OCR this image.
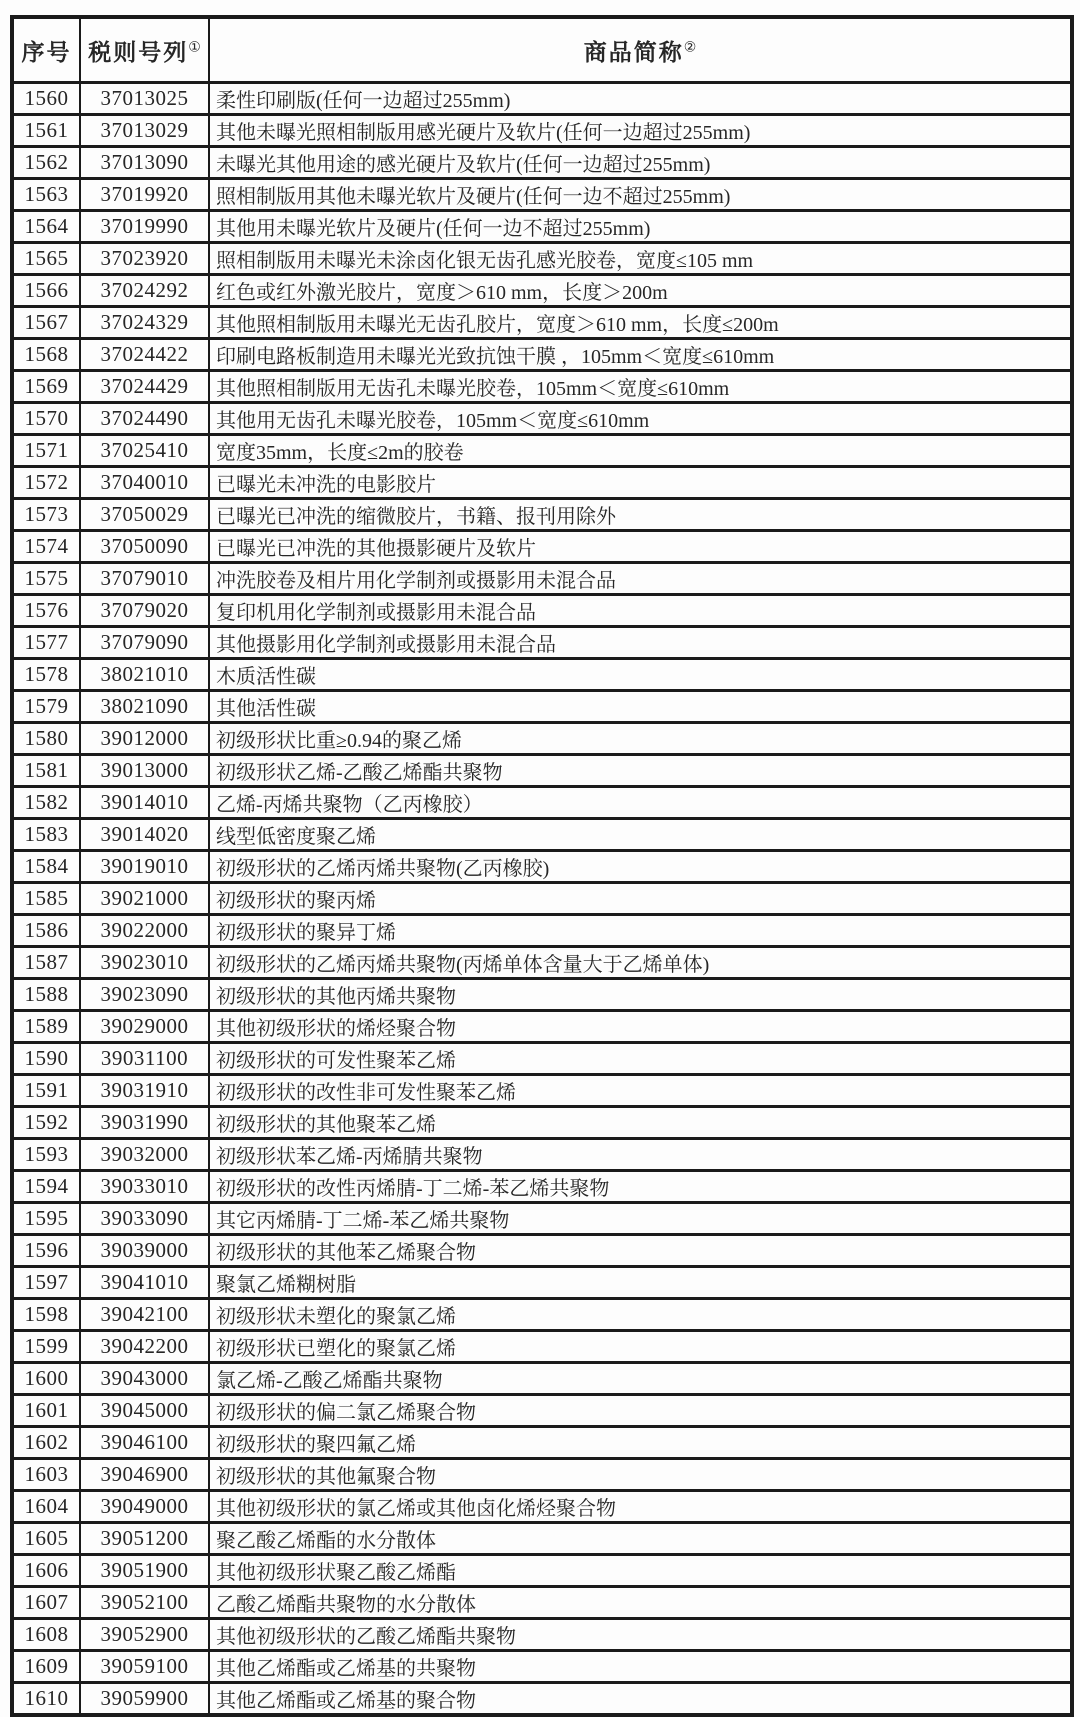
序号	税则号列①	商品简称②
1560	37013025	柔性印刷版(任何一边超过255mm)
1561	37013029	其他未曝光照相制版用感光硬片及软片(任何一边超过255mm)
1562	37013090	未曝光其他用途的感光硬片及软片(任何一边超过255mm)
1563	37019920	照相制版用其他未曝光软片及硬片(任何一边不超过255mm)
1564	37019990	其他用未曝光软片及硬片(任何一边不超过255mm)
1565	37023920	照相制版用未曝光未涂卤化银无齿孔感光胶卷，宽度≤105 mm
1566	37024292	红色或红外激光胶片，宽度＞610 mm，长度＞200m
1567	37024329	其他照相制版用未曝光无齿孔胶片，宽度＞610 mm，长度≤200m
1568	37024422	印刷电路板制造用未曝光光致抗蚀干膜 ，105mm＜宽度≤610mm
1569	37024429	其他照相制版用无齿孔未曝光胶卷，105mm＜宽度≤610mm
1570	37024490	其他用无齿孔未曝光胶卷，105mm＜宽度≤610mm
1571	37025410	宽度35mm，长度≤2m的胶卷
1572	37040010	已曝光未冲洗的电影胶片
1573	37050029	已曝光已冲洗的缩微胶片，书籍、报刊用除外
1574	37050090	已曝光已冲洗的其他摄影硬片及软片
1575	37079010	冲洗胶卷及相片用化学制剂或摄影用未混合品
1576	37079020	复印机用化学制剂或摄影用未混合品
1577	37079090	其他摄影用化学制剂或摄影用未混合品
1578	38021010	木质活性碳
1579	38021090	其他活性碳
1580	39012000	初级形状比重≥0.94的聚乙烯
1581	39013000	初级形状乙烯-乙酸乙烯酯共聚物
1582	39014010	乙烯-丙烯共聚物（乙丙橡胶）
1583	39014020	线型低密度聚乙烯
1584	39019010	初级形状的乙烯丙烯共聚物(乙丙橡胶)
1585	39021000	初级形状的聚丙烯
1586	39022000	初级形状的聚异丁烯
1587	39023010	初级形状的乙烯丙烯共聚物(丙烯单体含量大于乙烯单体)
1588	39023090	初级形状的其他丙烯共聚物
1589	39029000	其他初级形状的烯烃聚合物
1590	39031100	初级形状的可发性聚苯乙烯
1591	39031910	初级形状的改性非可发性聚苯乙烯
1592	39031990	初级形状的其他聚苯乙烯
1593	39032000	初级形状苯乙烯-丙烯腈共聚物
1594	39033010	初级形状的改性丙烯腈-丁二烯-苯乙烯共聚物
1595	39033090	其它丙烯腈-丁二烯-苯乙烯共聚物
1596	39039000	初级形状的其他苯乙烯聚合物
1597	39041010	聚氯乙烯糊树脂
1598	39042100	初级形状未塑化的聚氯乙烯
1599	39042200	初级形状已塑化的聚氯乙烯
1600	39043000	氯乙烯-乙酸乙烯酯共聚物
1601	39045000	初级形状的偏二氯乙烯聚合物
1602	39046100	初级形状的聚四氟乙烯
1603	39046900	初级形状的其他氟聚合物
1604	39049000	其他初级形状的氯乙烯或其他卤化烯烃聚合物
1605	39051200	聚乙酸乙烯酯的水分散体
1606	39051900	其他初级形状聚乙酸乙烯酯
1607	39052100	乙酸乙烯酯共聚物的水分散体
1608	39052900	其他初级形状的乙酸乙烯酯共聚物
1609	39059100	其他乙烯酯或乙烯基的共聚物
1610	39059900	其他乙烯酯或乙烯基的聚合物
